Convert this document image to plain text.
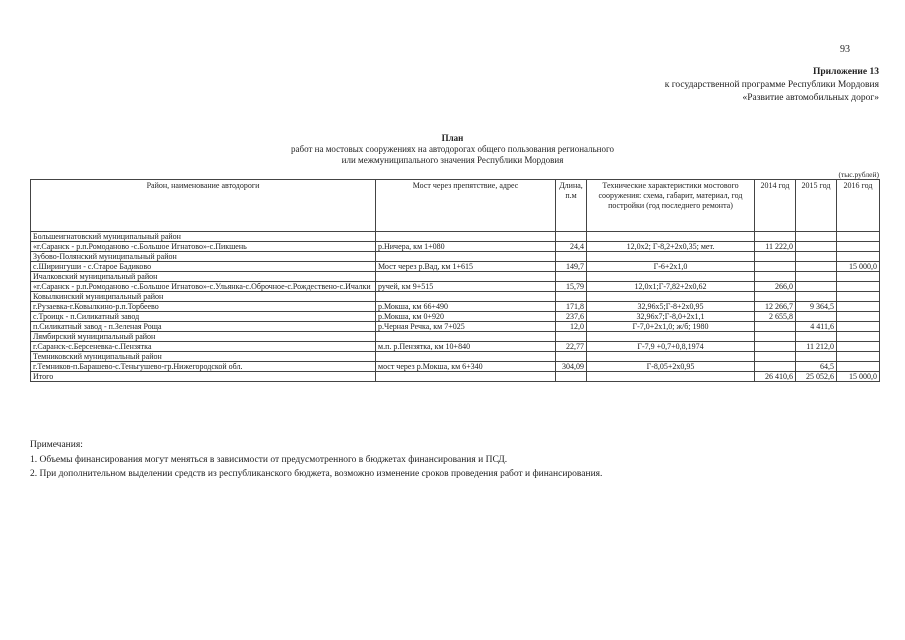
93
Приложение 13
к государственной программе Республики Мордовия
«Развитие автомобильных дорог»
План
работ на мостовых сооружениях на автодорогах общего пользования регионального
или межмуниципального значения Республики Мордовия
(тыс.рублей)
Район, наименование автодороги	Мост через препятствие, адрес	Длина, п.м	Технические характеристики мостового сооружения: схема, габарит, материал, год постройки (год последнего ремонта)	2014 год	2015 год	2016 год
Большеигнатовский муниципальный район						
«г.Саранск - р.п.Ромоданово -с.Большое Игнатово»-с.Пикшень	р.Ничера, км 1+080	24,4	12,0х2; Г-8,2+2х0,35; мет.	11 222,0		
Зубово-Полянский муниципальный район						
с.Ширингуши - с.Старое Бадиково	Мост через р.Вад, км 1+615	149,7	Г-6+2х1,0			15 000,0
Ичалковский муниципальный район						
«г.Саранск - р.п.Ромоданово -с.Большое Игнатово»-с.Ульянка-с.Оброчное-с.Рождествено-с.Ичалки	ручей, км 9+515	15,79	12,0х1;Г-7,82+2х0,62	266,0		
Ковылкинский муниципальный район						
г.Рузаевка-г.Ковылкино-р.п.Торбеево	р.Мокша, км 66+490	171,8	32,96х5;Г-8+2х0,95	12 266,7	9 364,5	
с.Троицк - п.Силикатный завод	р.Мокша, км 0+920	237,6	32,96х7;Г-8,0+2х1,1	2 655,8		
п.Силикатный завод - п.Зеленая Роща	р.Черная Речка, км 7+025	12,0	Г-7,0+2х1,0; ж/б; 1980		4 411,6	
Лямбирский муниципальный район						
г.Саранск-с.Берсеневка-с.Пензятка	м.п. р.Пензятка, км 10+840	22,77	Г-7,9 +0,7+0,8,1974		11 212,0	
Темниковский муниципальный район						
г.Темников-п.Барашево-с.Теньгушево-гр.Нижегородской обл.	мост через р.Мокша, км 6+340	304,09	Г-8,05+2х0,95		64,5	
Итого				26 410,6	25 052,6	15 000,0
Примечания:
1. Объемы финансирования могут меняться в зависимости от предусмотренного в бюджетах финансирования и ПСД.
2. При дополнительном выделении средств из республиканского бюджета, возможно изменение сроков проведения работ и финансирования.
